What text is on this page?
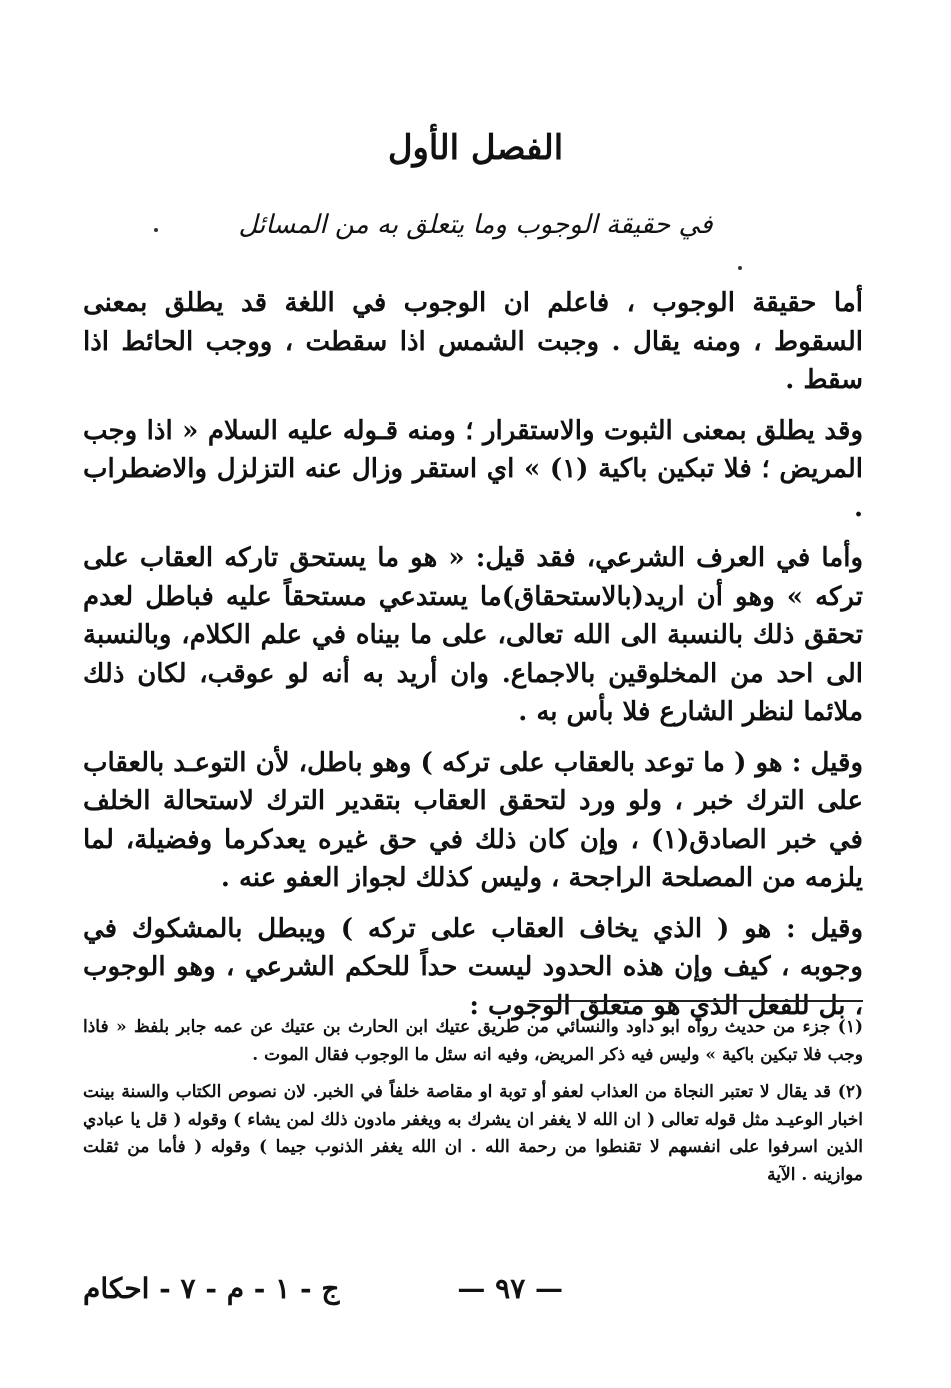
الفصل الأول
في حقيقة الوجوب وما يتعلق به من المسائل

أما حقيقة الوجوب ، فاعلم ان الوجوب في اللغة قد يطلق بمعنى السقوط ، ومنه يقال . وجبت الشمس اذا سقطت ، ووجب الحائط اذا سقط .

وقد يطلق بمعنى الثبوت والاستقرار ؛ ومنه قـوله عليه السلام « اذا وجب المريض ؛ فلا تبكين باكية (١) » اي استقر وزال عنه التزلزل والاضطراب .

وأما في العرف الشرعي، فقد قيل: « هو ما يستحق تاركه العقاب على تركه » وهو أن اريد(بالاستحقاق)ما يستدعي مستحقاً عليه فباطل لعدم تحقق ذلك بالنسبة الى الله تعالى، على ما بيناه في علم الكلام، وبالنسبة الى احد من المخلوقين بالاجماع. وان أريد به أنه لو عوقب، لكان ذلك ملائما لنظر الشارع فلا بأس به .

وقيل : هو ( ما توعد بالعقاب على تركه ) وهو باطل، لأن التوعـد بالعقاب على الترك خبر ، ولو ورد لتحقق العقاب بتقدير الترك لاستحالة الخلف في خبر الصادق(١) ، وإن كان ذلك في حق غيره يعدكرما وفضيلة، لما يلزمه من المصلحة الراجحة ، وليس كذلك لجواز العفو عنه .

وقيل : هو ( الذي يخاف العقاب على تركه ) ويبطل بالمشكوك في وجوبه ، كيف وإن هذه الحدود ليست حداً للحكم الشرعي ، وهو الوجوب ، بل للفعل الذي هو متعلق الوجوب :

(١) جزء من حديث رواه ابو داود والنسائي من طريق عتيك ابن الحارث بن عتيك عن عمه جابر بلفظ « فاذا وجب فلا تبكين باكية » وليس فيه ذكر المريض، وفيه انه سئل ما الوجوب فقال الموت .

(٢) قد يقال لا تعتبر النجاة من العذاب لعفو أو توبة او مقاصة خلفاً في الخبر. لان نصوص الكتاب والسنة بينت اخبار الوعيـد مثل قوله تعالى ( ان الله لا يغفر ان يشرك به ويغفر مادون ذلك لمن يشاء ) وقوله ( قل يا عبادي الذين اسرفوا على انفسهم لا تقنطوا من رحمة الله . ان الله يغفر الذنوب جيما ) وقوله ( فأما من ثقلت موازينه . الآية

— ٩٧ —
ج - ١ - م - ٧ - احكام
